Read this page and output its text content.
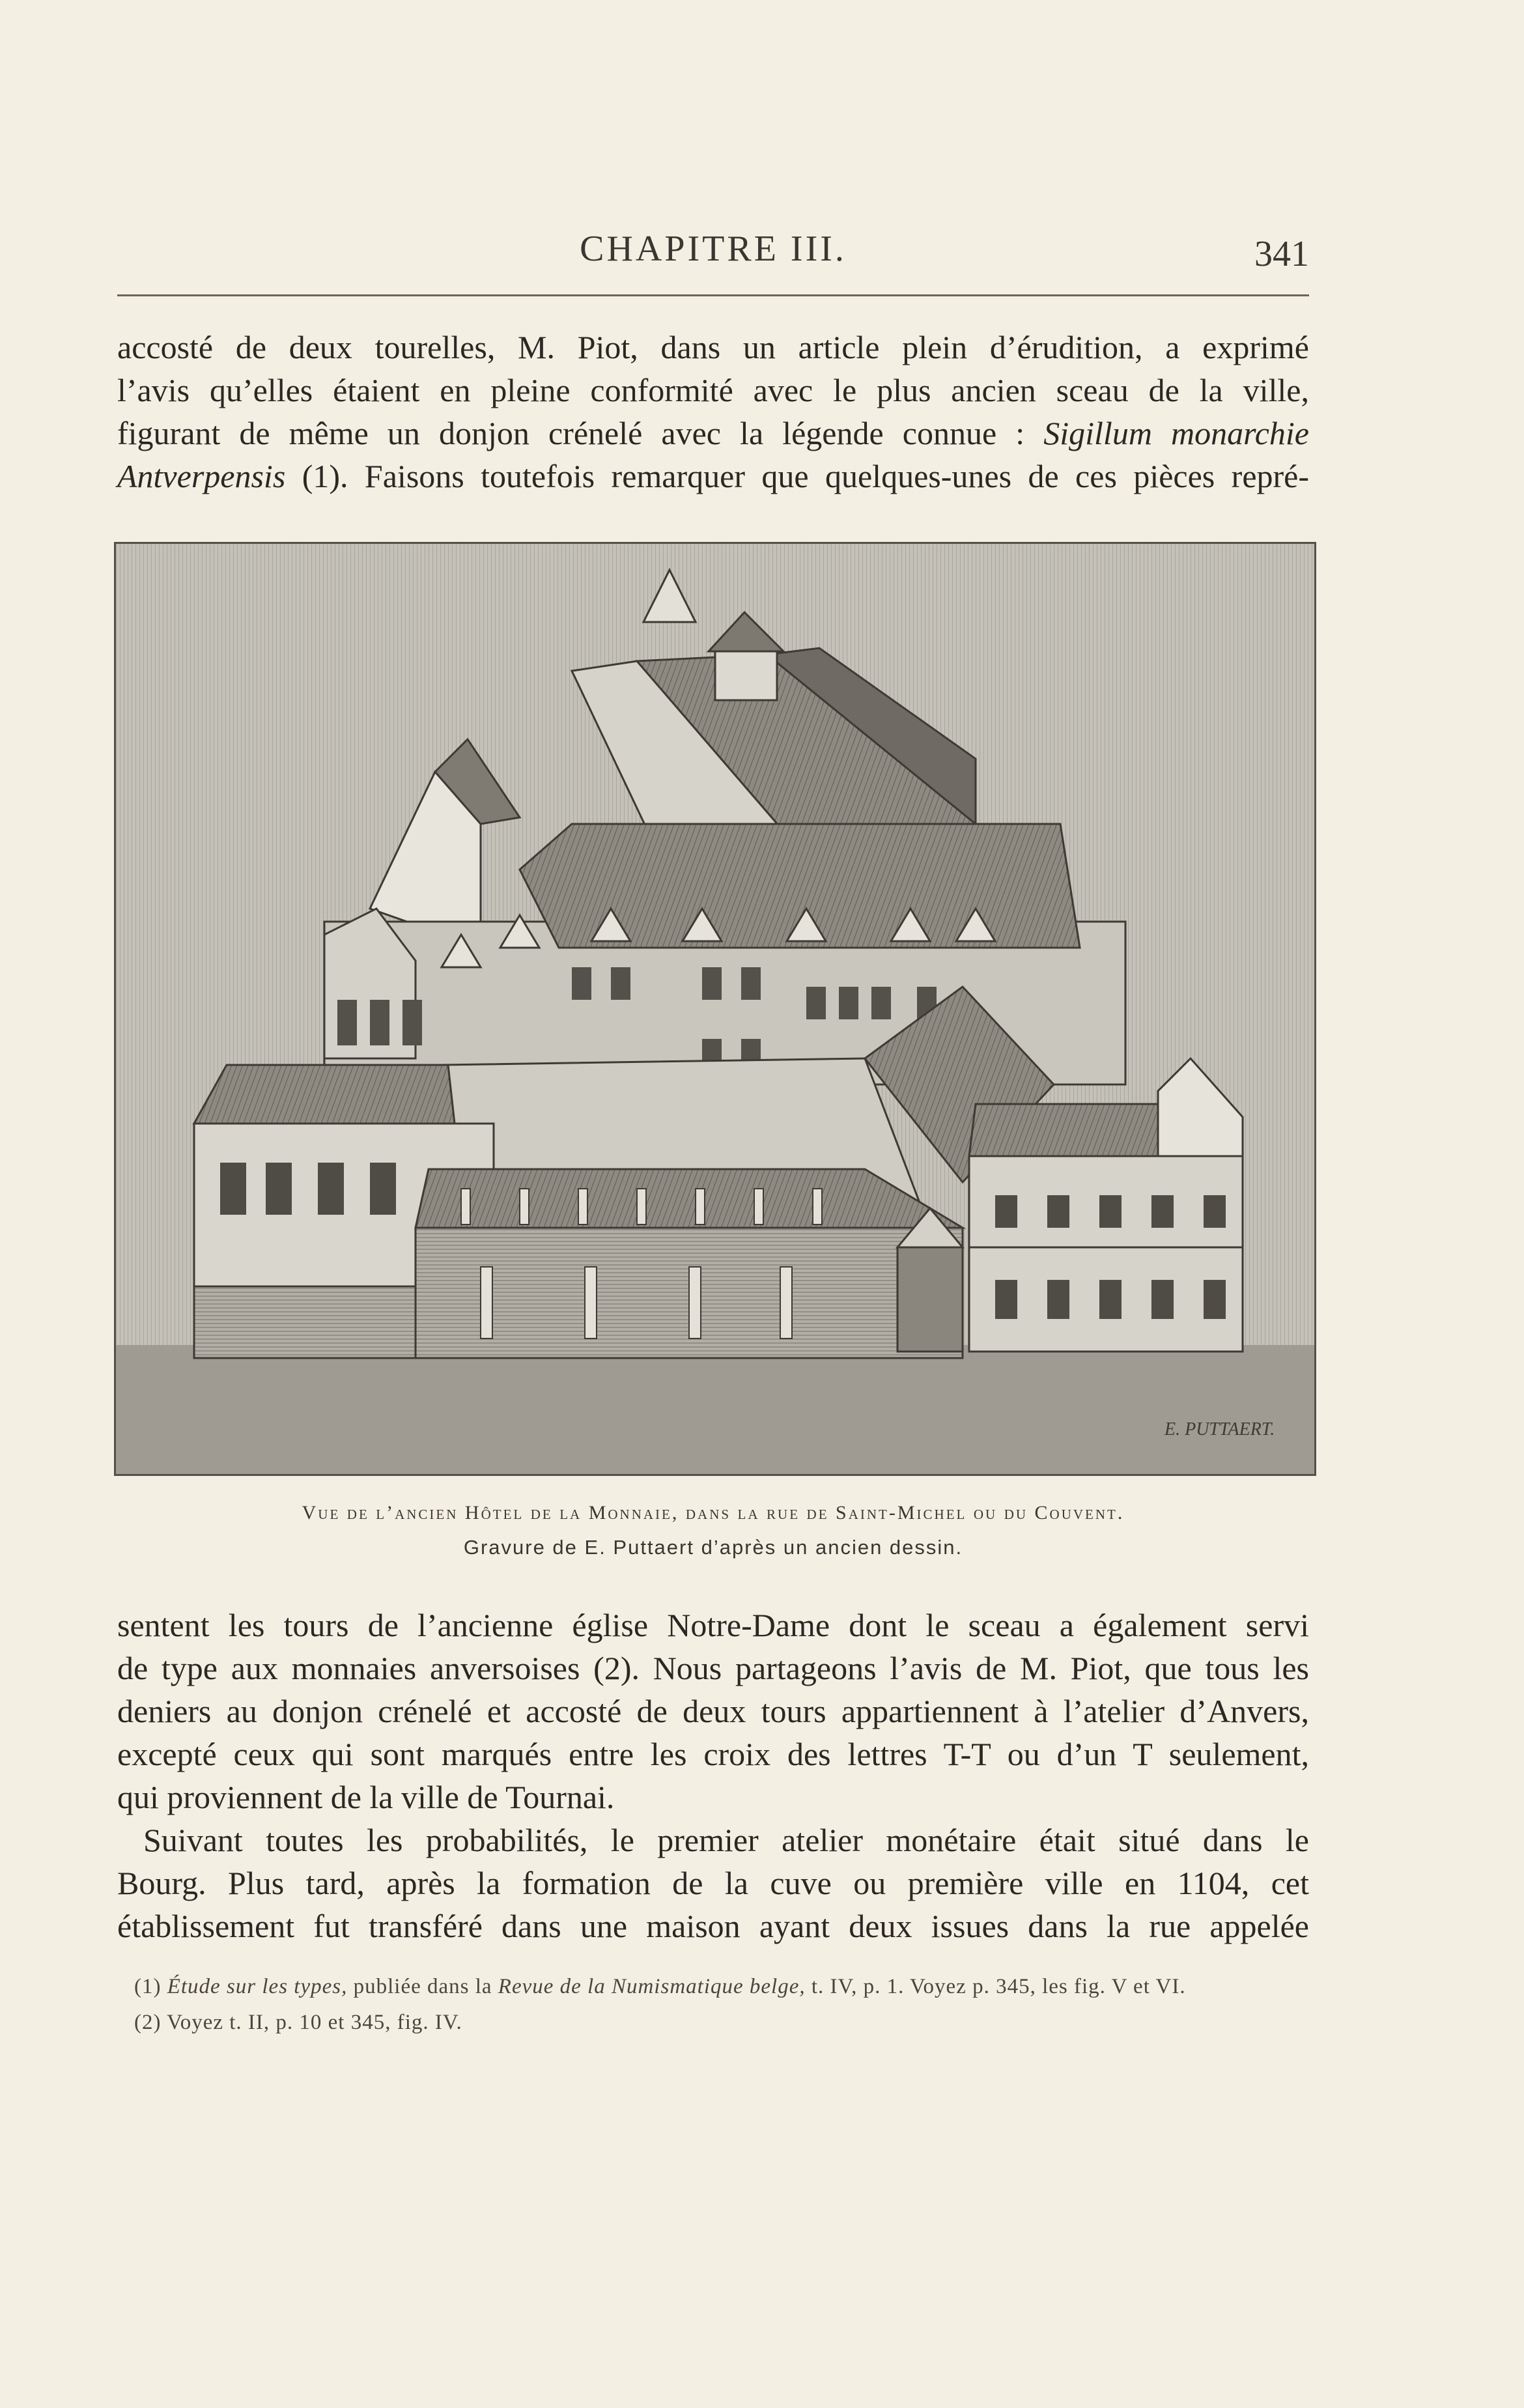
CHAPITRE III.	341

accosté de deux tourelles, M. Piot, dans un article plein d’érudition, a exprimé
l’avis qu’elles étaient en pleine conformité avec le plus ancien sceau de la ville,
figurant de même un donjon crénelé avec la légende connue : Sigillum monarchie
Antverpensis (1). Faisons toutefois remarquer que quelques-unes de ces pièces repré-

E. PUTTAERT.
Vue de l’ancien Hôtel de la Monnaie, dans la rue de Saint-Michel ou du Couvent.
Gravure de E. Puttaert d’après un ancien dessin.

sentent les tours de l’ancienne église Notre-Dame dont le sceau a également servi
de type aux monnaies anversoises (2). Nous partageons l’avis de M. Piot, que tous les
deniers au donjon crénelé et accosté de deux tours appartiennent à l’atelier d’Anvers,
excepté ceux qui sont marqués entre les croix des lettres T-T ou d’un T seulement,
qui proviennent de la ville de Tournai.

Suivant toutes les probabilités, le premier atelier monétaire était situé dans le
Bourg. Plus tard, après la formation de la cuve ou première ville en 1104, cet
établissement fut transféré dans une maison ayant deux issues dans la rue appelée

(1) Étude sur les types, publiée dans la Revue de la Numismatique belge, t. IV, p. 1. Voyez p. 345, les fig. V et VI.
(2) Voyez t. II, p. 10 et 345, fig. IV.
